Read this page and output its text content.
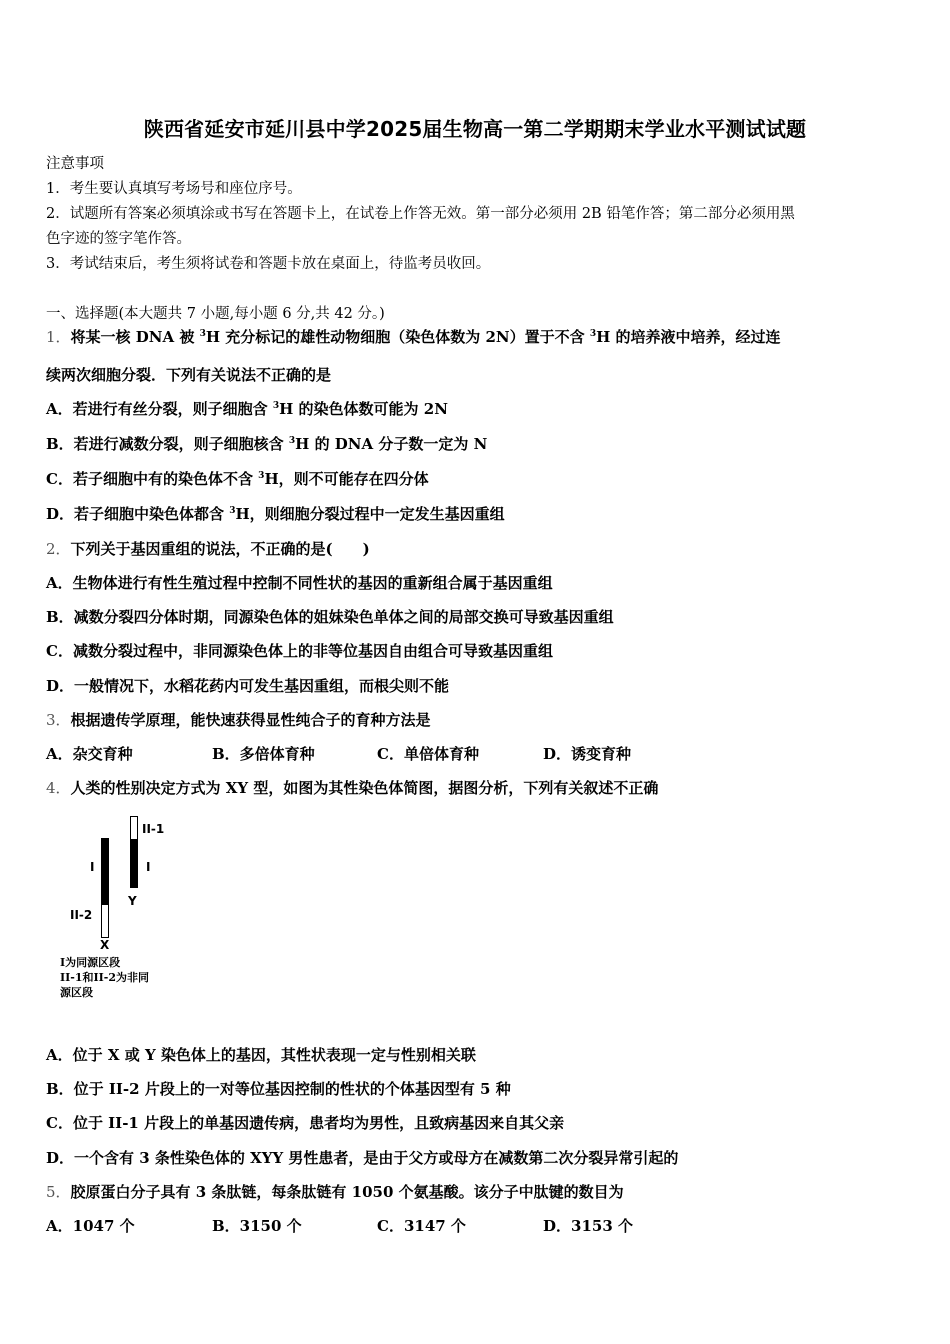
陕西省延安市延川县中学2025届生物高一第二学期期末学业水平测试试题
注意事项
1．考生要认真填写考场号和座位序号。
2．试题所有答案必须填涂或书写在答题卡上，在试卷上作答无效。第一部分必须用 2B 铅笔作答；第二部分必须用黑
色字迹的签字笔作答。
3．考试结束后，考生须将试卷和答题卡放在桌面上，待监考员收回。
一、选择题(本大题共 7 小题,每小题 6 分,共 42 分。)
1．将某一核 DNA 被 $^3$H 充分标记的雄性动物细胞（染色体数为 2N）置于不含 $^3$H 的培养液中培养，经过连
续两次细胞分裂．下列有关说法不正确的是
A．若进行有丝分裂，则子细胞含 $^3$H 的染色体数可能为 2N
B．若进行减数分裂，则子细胞核含 $^3$H 的 DNA 分子数一定为 N
C．若子细胞中有的染色体不含 $^3$H，则不可能存在四分体
D．若子细胞中染色体都含 $^3$H，则细胞分裂过程中一定发生基因重组
2．下列关于基因重组的说法，不正确的是(　　)
A．生物体进行有性生殖过程中控制不同性状的基因的重新组合属于基因重组
B．减数分裂四分体时期，同源染色体的姐妹染色单体之间的局部交换可导致基因重组
C．减数分裂过程中，非同源染色体上的非等位基因自由组合可导致基因重组
D．一般情况下，水稻花药内可发生基因重组，而根尖则不能
3．根据遗传学原理，能快速获得显性纯合子的育种方法是
A．杂交育种	B．多倍体育种	C．单倍体育种	D．诱变育种
4．人类的性别决定方式为 XY 型，如图为其性染色体简图，据图分析，下列有关叙述不正确
II-1
I	I
II-2
Y
X
I为同源区段
II-1和II-2为非同
源区段
A．位于 X 或 Y 染色体上的基因，其性状表现一定与性别相关联
B．位于 II-2 片段上的一对等位基因控制的性状的个体基因型有 5 种
C．位于 II-1 片段上的单基因遗传病，患者均为男性，且致病基因来自其父亲
D．一个含有 3 条性染色体的 XYY 男性患者，是由于父方或母方在减数第二次分裂异常引起的
5．胶原蛋白分子具有 3 条肽链，每条肽链有 1050 个氨基酸。该分子中肽键的数目为
A．1047 个	B．3150 个	C．3147 个	D．3153 个
